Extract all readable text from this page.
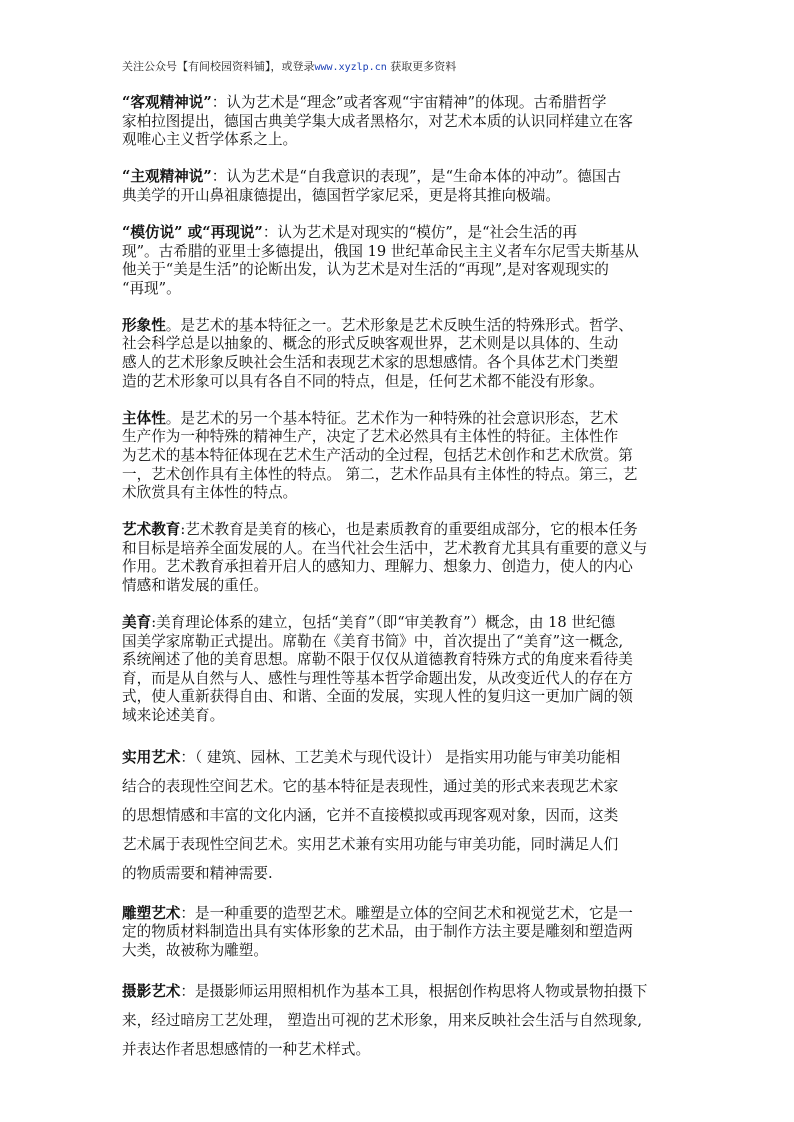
关注公众号【有间校园资料铺】，或登录www.xyzlp.cn 获取更多资料

“客观精神说”：认为艺术是“理念”或者客观“宇宙精神”的体现。古希腊哲学
家柏拉图提出，德国古典美学集大成者黑格尔，对艺术本质的认识同样建立在客
观唯心主义哲学体系之上。

“主观精神说”：认为艺术是“自我意识的表现”，是“生命本体的冲动”。德国古
典美学的开山鼻祖康德提出，德国哲学家尼采，更是将其推向极端。

“模仿说” 或“再现说”：认为艺术是对现实的“模仿”，是“社会生活的再
现”。古希腊的亚里士多德提出，俄国 19 世纪革命民主主义者车尔尼雪夫斯基从
他关于“美是生活”的论断出发，认为艺术是对生活的“再现”,是对客观现实的
“再现”。

形象性。是艺术的基本特征之一。艺术形象是艺术反映生活的特殊形式。哲学、
社会科学总是以抽象的、概念的形式反映客观世界，艺术则是以具体的、生动
感人的艺术形象反映社会生活和表现艺术家的思想感情。各个具体艺术门类塑
造的艺术形象可以具有各自不同的特点，但是，任何艺术都不能没有形象。

主体性。是艺术的另一个基本特征。艺术作为一种特殊的社会意识形态，艺术
生产作为一种特殊的精神生产，决定了艺术必然具有主体性的特征。主体性作
为艺术的基本特征体现在艺术生产活动的全过程，包括艺术创作和艺术欣赏。第
一，艺术创作具有主体性的特点。 第二，艺术作品具有主体性的特点。第三，艺
术欣赏具有主体性的特点。

艺术教育:艺术教育是美育的核心，也是素质教育的重要组成部分，它的根本任务
和目标是培养全面发展的人。在当代社会生活中，艺术教育尤其具有重要的意义与
作用。艺术教育承担着开启人的感知力、理解力、想象力、创造力，使人的内心
情感和谐发展的重任。

美育:美育理论体系的建立，包括“美育”（即“审美教育”）概念，由 18 世纪德
国美学家席勒正式提出。席勒在《美育书简》中，首次提出了“美育”这一概念,
系统阐述了他的美育思想。席勒不限于仅仅从道德教育特殊方式的角度来看待美
育，而是从自然与人、感性与理性等基本哲学命题出发，从改变近代人的存在方
式，使人重新获得自由、和谐、全面的发展，实现人性的复归这一更加广阔的领
域来论述美育。

实用艺术：（ 建筑、园林、工艺美术与现代设计） 是指实用功能与审美功能相
结合的表现性空间艺术。它的基本特征是表现性，通过美的形式来表现艺术家
的思想情感和丰富的文化内涵，它并不直接模拟或再现客观对象，因而，这类
艺术属于表现性空间艺术。实用艺术兼有实用功能与审美功能，同时满足人们
的物质需要和精神需要.

雕塑艺术：是一种重要的造型艺术。雕塑是立体的空间艺术和视觉艺术，它是一
定的物质材料制造出具有实体形象的艺术品，由于制作方法主要是雕刻和塑造两
大类，故被称为雕塑。

摄影艺术：是摄影师运用照相机作为基本工具，根据创作构思将人物或景物拍摄下
来，经过暗房工艺处理， 塑造出可视的艺术形象，用来反映社会生活与自然现象,
并表达作者思想感情的一种艺术样式。
